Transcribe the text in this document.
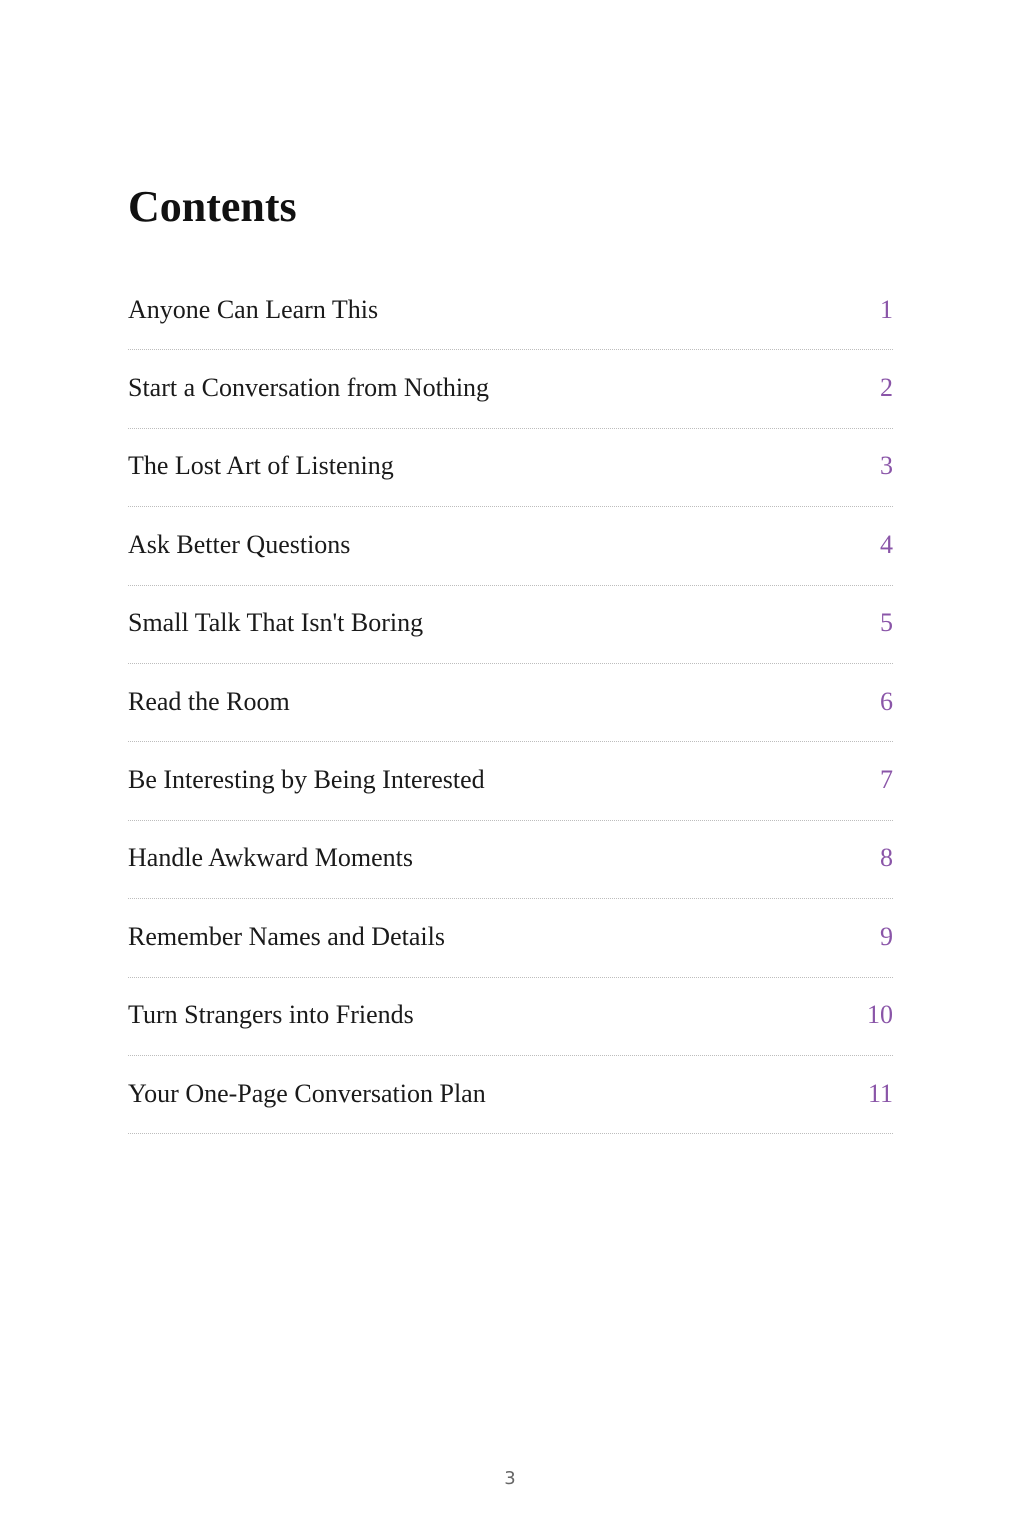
Contents
Anyone Can Learn This	1
Start a Conversation from Nothing	2
The Lost Art of Listening	3
Ask Better Questions	4
Small Talk That Isn't Boring	5
Read the Room	6
Be Interesting by Being Interested	7
Handle Awkward Moments	8
Remember Names and Details	9
Turn Strangers into Friends	10
Your One-Page Conversation Plan	11
3
